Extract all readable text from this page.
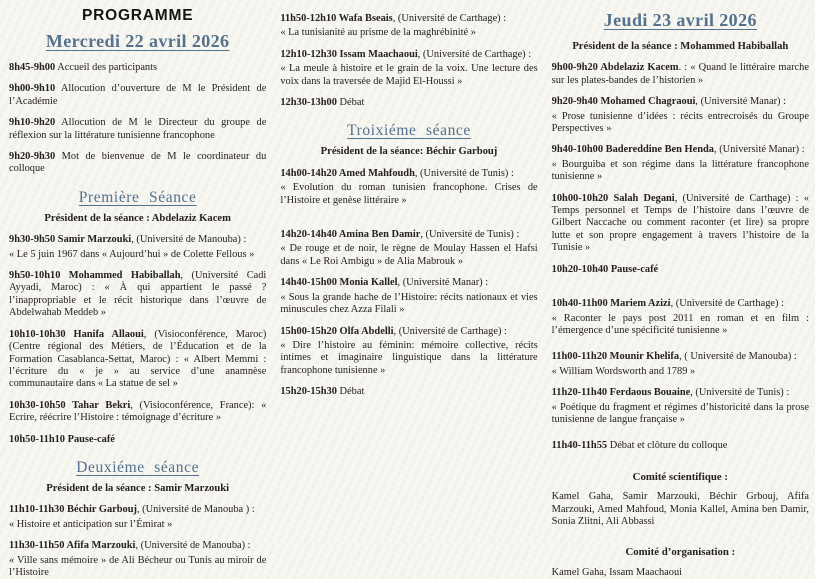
PROGRAMME
Mercredi 22 avril 2026
8h45-9h00 Accueil des participants
9h00-9h10 Allocution d’ouverture de M le Président de l’Académie
9h10-9h20 Allocution de M le Directeur du groupe de réflexion sur la littérature tunisienne francophone
9h20-9h30 Mot de bienvenue de M le coordinateur du colloque
Première Séance
Président de la séance : Abdelaziz Kacem
9h30-9h50 Samir Marzouki, (Université de Manouba) :
« Le 5 juin 1967 dans « Aujourd’hui » de Colette Fellous »
9h50-10h10 Mohammed Habiballah, (Université Cadi Ayyadi, Maroc) : « À qui appartient le passé ? l’inappropriable et le récit historique dans l’œuvre de Abdelwahab Meddeb »
10h10-10h30 Hanifa Allaoui, (Visioconférence, Maroc) (Centre régional des Métiers, de l’Éducation et de la Formation Casablanca-Settat, Maroc) : « Albert Memmi : l’écriture du « je » au service d’une anamnèse communautaire dans « La statue de sel »
10h30-10h50 Tahar Bekri, (Visioconférence, France): « Ecrire, réécrire l’Histoire : témoignage d’écriture »
10h50-11h10 Pause-café
Deuxiéme séance
Président de la séance : Samir Marzouki
11h10-11h30 Béchir Garbouj, (Université de Manouba ) :
« Histoire et anticipation sur l’Émirat »
11h30-11h50 Afifa Marzouki, (Université de Manouba) :
« Ville sans mémoire » de Ali Bécheur ou Tunis au miroir de l’Histoire
11h50-12h10 Wafa Bseais, (Université de Carthage) :
« La tunisianité au prisme de la maghrébinité »
12h10-12h30 Issam Maachaoui, (Université de Carthage) :
« La meule à histoire et le grain de la voix. Une lecture des voix dans la traversée de Majid El-Houssi »
12h30-13h00 Débat
Troixiéme séance
Président de la séance: Béchir Garbouj
14h00-14h20 Amed Mahfoudh, (Université de Tunis) :
« Evolution du roman tunisien francophone. Crises de l’Histoire et genèse littéraire »
14h20-14h40 Amina Ben Damir, (Université de Tunis) :
« De rouge et de noir, le règne de Moulay Hassen el Hafsi dans « Le Roi Ambigu » de Alia Mabrouk »
14h40-15h00 Monia Kallel, (Université Manar) :
« Sous la grande hache de l’Histoire: récits nationaux et vies minuscules chez Azza Filali »
15h00-15h20 Olfa Abdelli, (Université de Carthage) :
« Dire l’histoire au féminin: mémoire collective, récits intimes et imaginaire linguistique dans la littérature francophone tunisienne »
15h20-15h30 Débat
Jeudi 23 avril 2026
Président de la séance : Mohammed Habiballah
9h00-9h20 Abdelaziz Kacem. : « Quand le littéraire marche sur les plates-bandes de l’historien »
9h20-9h40 Mohamed Chagraoui, (Université Manar) :
« Prose tunisienne d’idées : récits entrecroisés du Groupe Perspectives »
9h40-10h00 Badereddine Ben Henda, (Université Manar) :
« Bourguiba et son régime dans la littérature francophone tunisienne »
10h00-10h20 Salah Degani, (Université de Carthage) : « Temps personnel et Temps de l’histoire dans l’œuvre de Gilbert Naccache ou comment raconter (et lire) sa propre lutte et son propre engagement à travers l’histoire de la Tunisie »
10h20-10h40 Pause-café
10h40-11h00 Mariem Azizi, (Université de Carthage) :
« Raconter le pays post 2011 en roman et en film : l’émergence d’une spécificité tunisienne »
11h00-11h20 Mounir Khelifa, ( Université de Manouba) :
« William Wordsworth and 1789 »
11h20-11h40 Ferdaous Bouaine, (Université de Tunis) :
« Poétique du fragment et régimes d’historicité dans la prose tunisienne de langue française »
11h40-11h55 Débat et clôture du colloque
Comité scientifique :
Kamel Gaha, Samir Marzouki, Béchir Grbouj, Afifa Marzouki, Amed Mahfoud, Monia Kallel, Amina ben Damir, Sonia Zlitni, Ali Abbassi
Comité d’organisation :
Kamel Gaha, Issam Maachaoui
